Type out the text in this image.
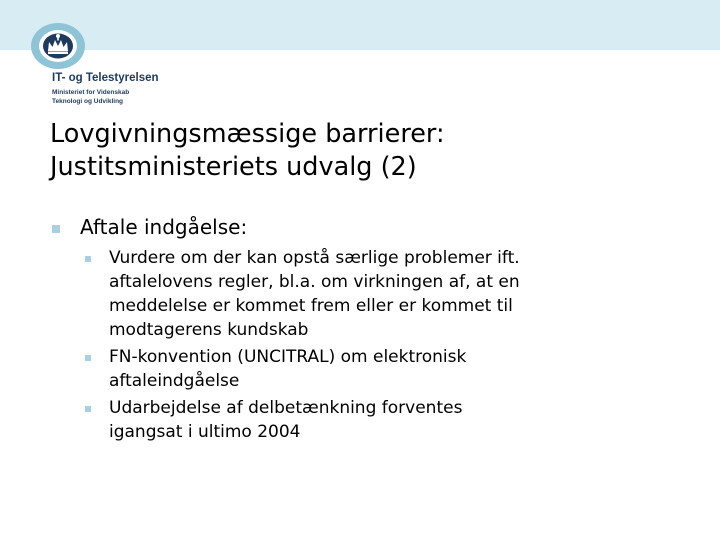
IT- og Telestyrelsen
Ministeriet for Videnskab
Teknologi og Udvikling
Lovgivningsmæssige barrierer:
Justitsministeriets udvalg (2)
Aftale indgåelse:
Vurdere om der kan opstå særlige problemer ift.
aftalelovens regler, bl.a. om virkningen af, at en
meddelelse er kommet frem eller er kommet til
modtagerens kundskab
FN-konvention (UNCITRAL) om elektronisk
aftaleindgåelse
Udarbejdelse af delbetænkning forventes
igangsat i ultimo 2004
